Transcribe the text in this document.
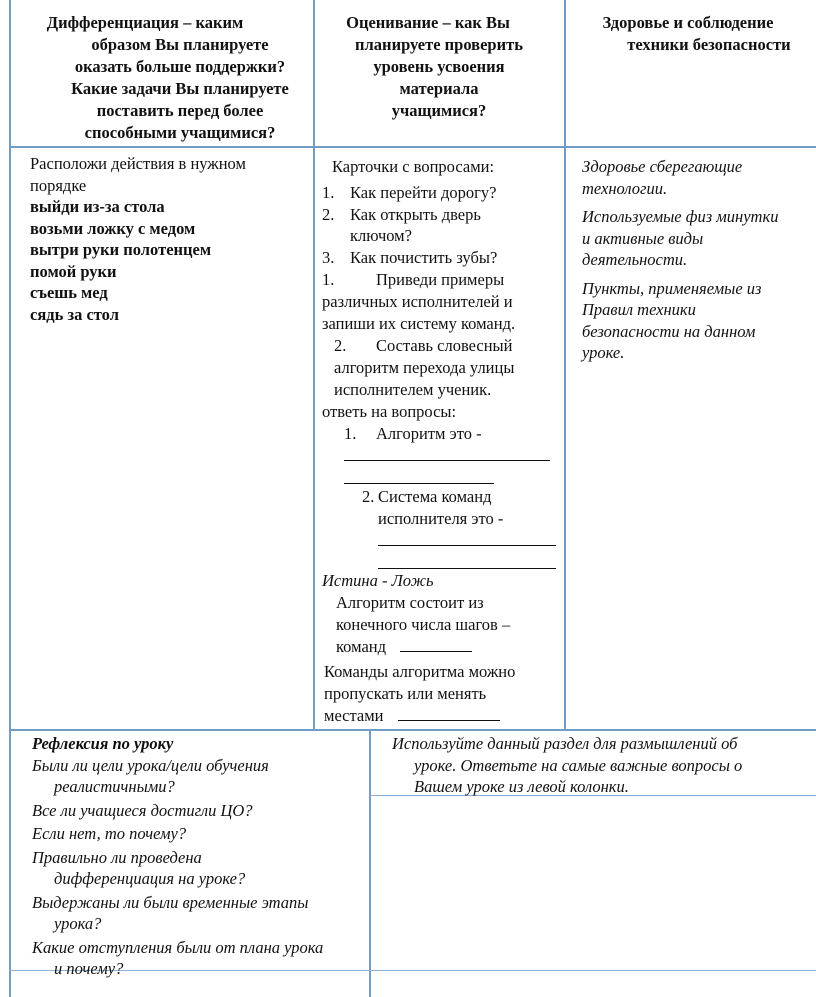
Дифференциация – каким
образом Вы планируете
оказать больше поддержки?
Какие задачи Вы планируете
поставить перед более
способными учащимися?
Оценивание – как Вы
планируете проверить
уровень усвоения
материала
учащимися?
Здоровье и соблюдение
техники безопасности
Расположи действия в нужном
порядке
выйди из-за стола
возьми ложку с медом
вытри руки полотенцем
помой руки
съешь мед
сядь за стол
Карточки с вопросами:
1. Как перейти дорогу?
2. Как открыть дверь
ключом?
3. Как почистить зубы?
1.	Приведи примеры
различных исполнителей и
запиши их систему команд.
2. Составь словесный
алгоритм перехода улицы
исполнителем ученик.
ответь на вопросы:
1. Алгоритм это -
2. Система команд
исполнителя это -
Истина - Ложь
Алгоритм состоит из
конечного числа шагов –
команд
Команды алгоритма можно
пропускать или менять
местами
Здоровье сберегающие
технологии.
Используемые физ минутки
и активные виды
деятельности.
Пункты, применяемые из
Правил техники
безопасности на данном
уроке.
Рефлексия по уроку
Были ли цели урока/цели обучения
реалистичными?
Все ли учащиеся достигли ЦО?
Если нет, то почему?
Правильно ли проведена
дифференциация на уроке?
Выдержаны ли были временные этапы
урока?
Какие отступления были от плана урока
и почему?
Используйте данный раздел для размышлений об
уроке. Ответьте на самые важные вопросы о
Вашем уроке из левой колонки.
